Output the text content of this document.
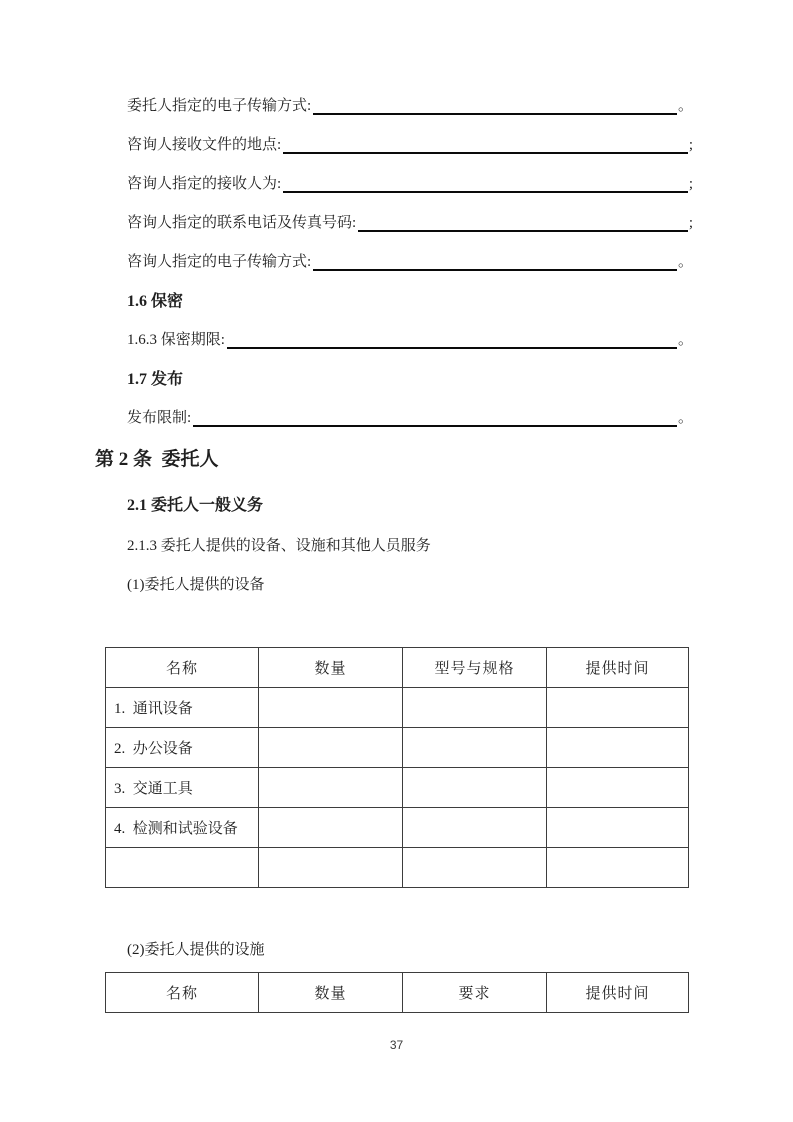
委托人指定的电子传输方式:	。
咨询人接收文件的地点:	;
咨询人指定的接收人为:	;
咨询人指定的联系电话及传真号码:	;
咨询人指定的电子传输方式:	。
1.6 保密
1.6.3 保密期限:	。
1.7 发布
发布限制:	。
第 2 条  委托人
2.1 委托人一般义务
2.1.3 委托人提供的设备、设施和其他人员服务
(1)委托人提供的设备
名称	数量	型号与规格	提供时间
1.  通讯设备			
2.  办公设备			
3.  交通工具			
4.  检测和试验设备			

(2)委托人提供的设施
名称	数量	要求	提供时间
37
